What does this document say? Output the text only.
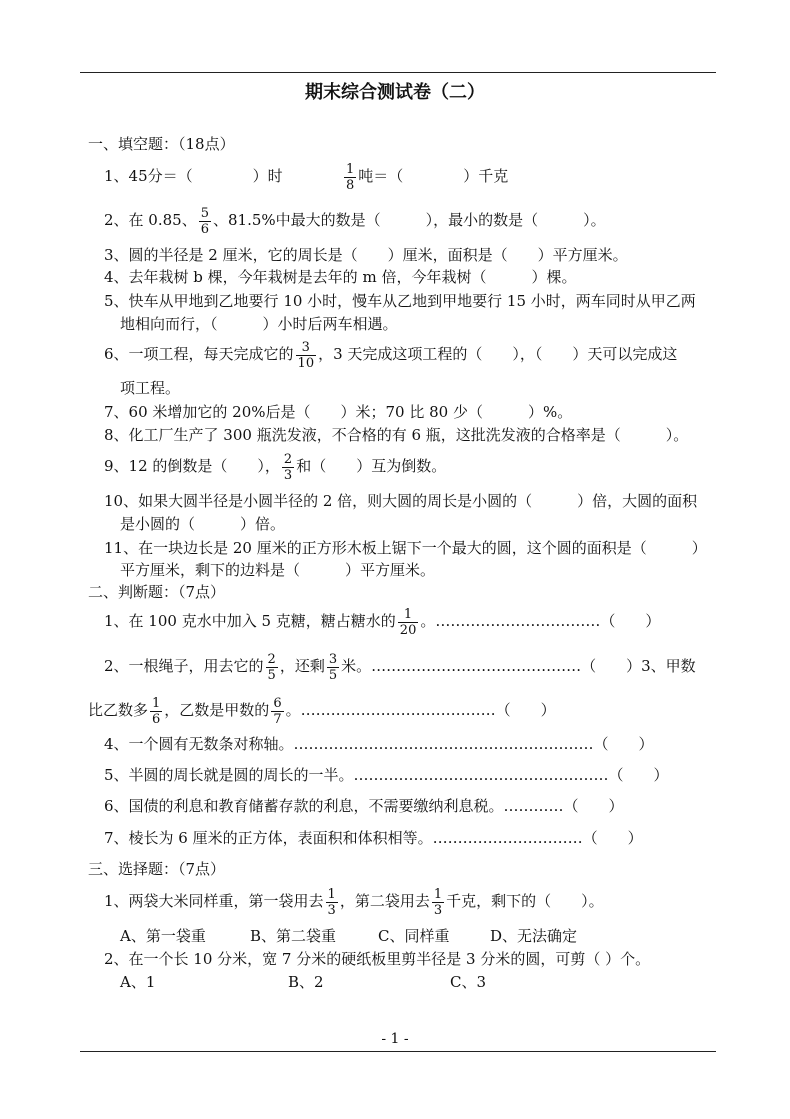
期末综合测试卷（二）
一、填空题：（18点）
1、45分＝（　　　　）时	$\frac{1}{8}$ 吨＝（　　　　）千克
2、在 0.85、 $\frac{5}{6}$ 、81.5%中最大的数是（　　　），最小的数是（　　　）。
3、圆的半径是 2 厘米，它的周长是（　　）厘米，面积是（　　）平方厘米。
4、去年栽树 b 棵，今年栽树是去年的 m 倍，今年栽树（　　　）棵。
5、快车从甲地到乙地要行 10 小时，慢车从乙地到甲地要行 15 小时，两车同时从甲乙两
地相向而行，（　　　）小时后两车相遇。
6、一项工程，每天完成它的 $\frac{3}{10}$ ，3 天完成这项工程的（　　），（　　）天可以完成这
项工程。
7、60 米增加它的 20%后是（　　）米；70 比 80 少（　　　）%。
8、化工厂生产了 300 瓶洗发液，不合格的有 6 瓶，这批洗发液的合格率是（　　　）。
9、12 的倒数是（　　）， $\frac{2}{3}$ 和（　　）互为倒数。
10、如果大圆半径是小圆半径的 2 倍，则大圆的周长是小圆的（　　　）倍，大圆的面积
是小圆的（　　　）倍。
11、在一块边长是 20 厘米的正方形木板上锯下一个最大的圆，这个圆的面积是（　　　）
平方厘米，剩下的边料是（　　　）平方厘米。
二、判断题：（7点）
1、在 100 克水中加入 5 克糖，糖占糖水的 $\frac{1}{20}$ 。……………………………（　　）
2、一根绳子，用去它的 $\frac{2}{5}$ ，还剩 $\frac{3}{5}$ 米。……………………………………（　　）3、甲数
比乙数多 $\frac{1}{6}$ ，乙数是甲数的 $\frac{6}{7}$ 。…………………………………（　　）
4、一个圆有无数条对称轴。……………………………………………………（　　）
5、半圆的周长就是圆的周长的一半。……………………………………………（　　）
6、国债的利息和教育储蓄存款的利息，不需要缴纳利息税。…………（　　）
7、棱长为 6 厘米的正方体，表面积和体积相等。…………………………（　　）
三、选择题：（7点）
1、两袋大米同样重，第一袋用去 $\frac{1}{3}$ ，第二袋用去 $\frac{1}{3}$ 千克，剩下的（　　）。
A、第一袋重	B、第二袋重	C、同样重	D、无法确定
2、在一个长 10 分米，宽 7 分米的硬纸板里剪半径是 3 分米的圆，可剪（ ）个。
A、1	B、2	C、3
- 1 -
